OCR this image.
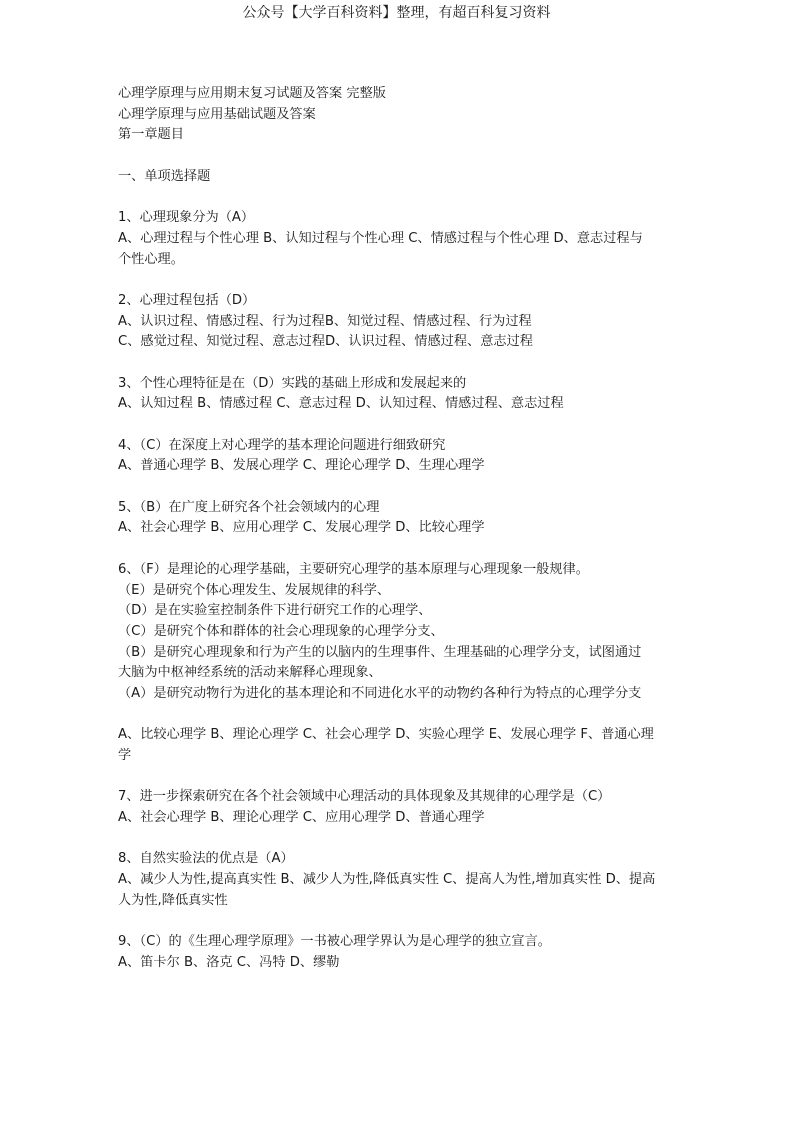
公众号【大学百科资料】整理，有超百科复习资料
心理学原理与应用期末复习试题及答案 完整版
心理学原理与应用基础试题及答案
第一章题目
一、单项选择题
1、心理现象分为（A）
A、心理过程与个性心理 B、认知过程与个性心理 C、情感过程与个性心理 D、意志过程与
个性心理。
2、心理过程包括（D）
A、认识过程、情感过程、行为过程B、知觉过程、情感过程、行为过程
C、感觉过程、知觉过程、意志过程D、认识过程、情感过程、意志过程
3、个性心理特征是在（D）实践的基础上形成和发展起来的
A、认知过程 B、情感过程 C、意志过程 D、认知过程、情感过程、意志过程
4、（C）在深度上对心理学的基本理论问题进行细致研究
A、普通心理学 B、发展心理学 C、理论心理学 D、生理心理学
5、（B）在广度上研究各个社会领域内的心理
A、社会心理学 B、应用心理学 C、发展心理学 D、比较心理学
6、（F）是理论的心理学基础，主要研究心理学的基本原理与心理现象一般规律。
（E）是研究个体心理发生、发展规律的科学、
（D）是在实验室控制条件下进行研究工作的心理学、
（C）是研究个体和群体的社会心理现象的心理学分支、
（B）是研究心理现象和行为产生的以脑内的生理事件、生理基础的心理学分支，试图通过
大脑为中枢神经系统的活动来解释心理现象、
（A）是研究动物行为进化的基本理论和不同进化水平的动物约各种行为特点的心理学分支
A、比较心理学 B、理论心理学 C、社会心理学 D、实验心理学 E、发展心理学 F、普通心理
学
7、进一步探索研究在各个社会领域中心理活动的具体现象及其规律的心理学是（C）
A、社会心理学 B、理论心理学 C、应用心理学 D、普通心理学
8、自然实验法的优点是（A）
A、减少人为性,提高真实性 B、减少人为性,降低真实性 C、提高人为性,增加真实性 D、提高
人为性,降低真实性
9、（C）的《生理心理学原理》一书被心理学界认为是心理学的独立宣言。
A、笛卡尔 B、洛克 C、冯特 D、缪勒
